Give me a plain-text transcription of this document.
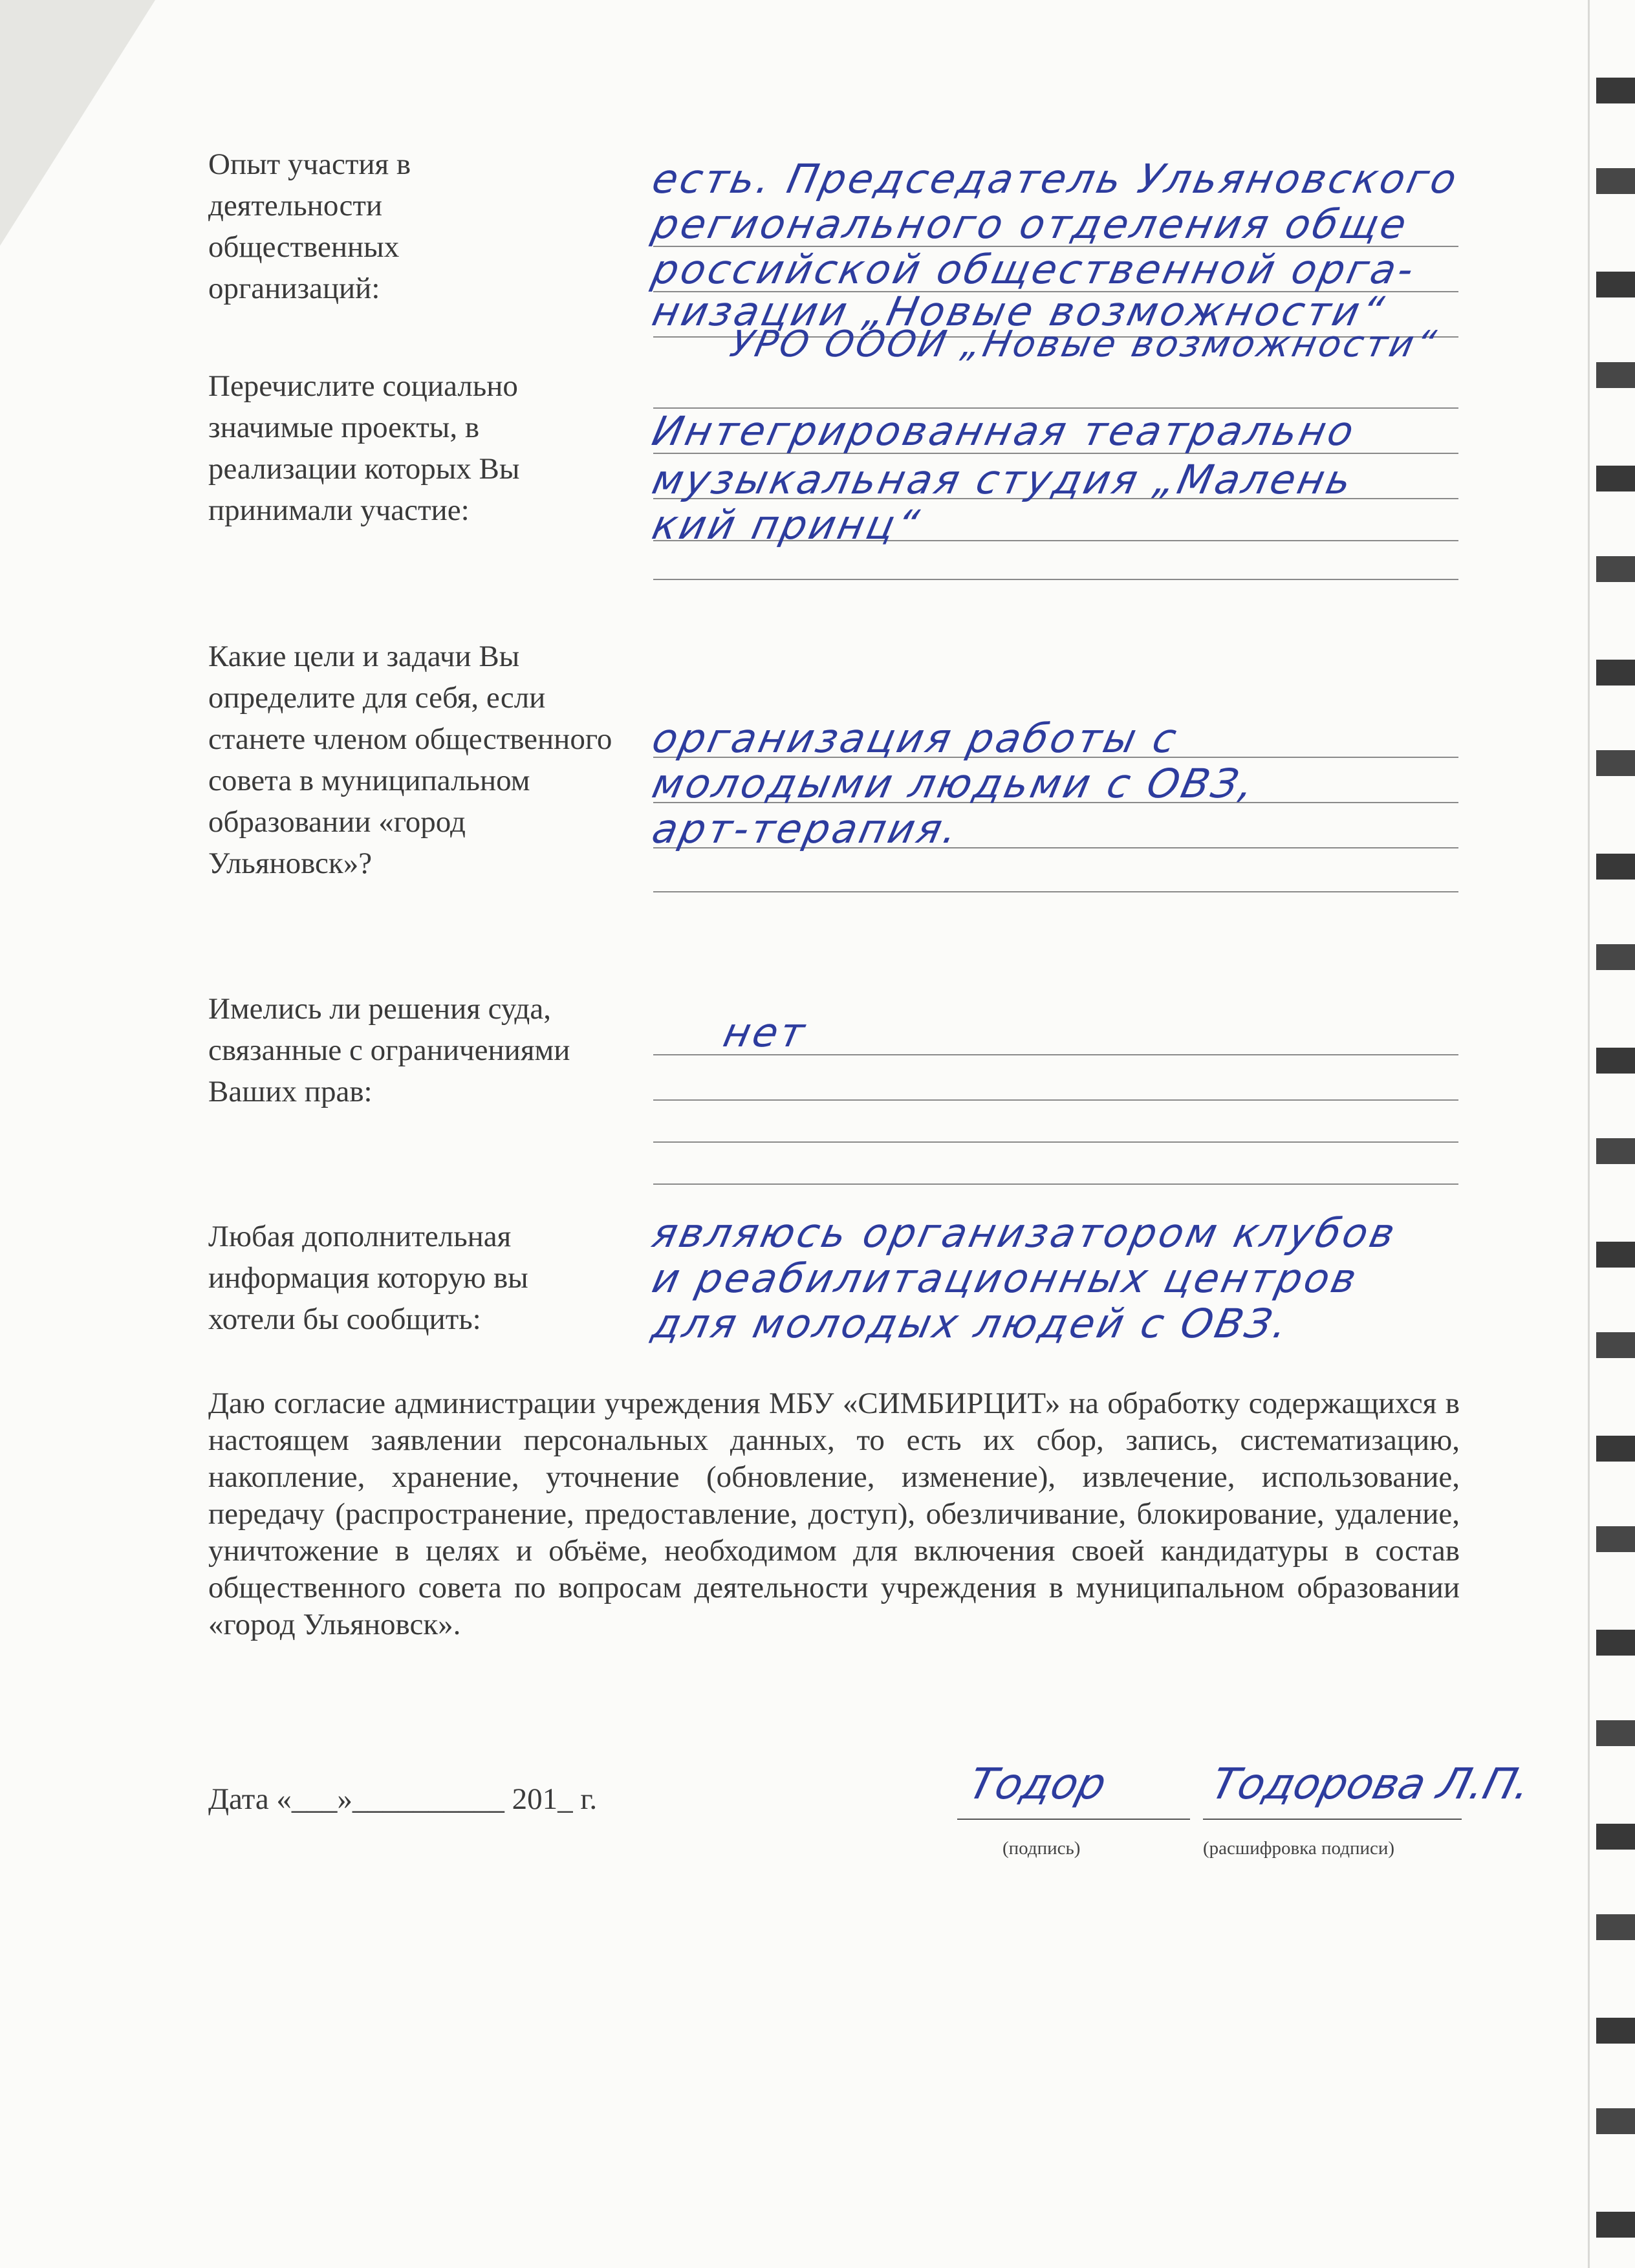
Опыт участия в деятельности общественных организаций:
есть. Председатель Ульяновского
регионального отделения обще
российской общественной орга-
низации „Новые возможности“
УРО ОООИ „Новые возможности“
Перечислите социально значимые проекты, в реализации которых Вы принимали участие:
Интегрированная театрально
музыкальная студия „Малень
кий принц“
Какие цели и задачи Вы определите для себя, если станете членом общественного совета в муниципальном образовании «город Ульяновск»?
организация работы с
молодыми людьми с ОВЗ,
арт-терапия.
Имелись ли решения суда, связанные с ограничениями Ваших прав:
нет
Любая дополнительная информация которую вы хотели бы сообщить:
являюсь организатором клубов
и реабилитационных центров
для молодых людей с ОВЗ.
Даю согласие администрации учреждения МБУ «СИМБИРЦИТ» на обработку содержащихся в настоящем заявлении персональных данных, то есть их сбор, запись, систематизацию, накопление, хранение, уточнение (обновление, изменение), извлечение, использование, передачу (распространение, предоставление, доступ), обезличивание, блокирование, удаление, уничтожение в целях и объёме, необходимом для включения своей кандидатуры в состав общественного совета по вопросам деятельности учреждения в муниципальном образовании «город Ульяновск».
Дата «___»__________ 201_ г.	Тодор
(подпись)
Тодорова Л.П.
(расшифровка подписи)
